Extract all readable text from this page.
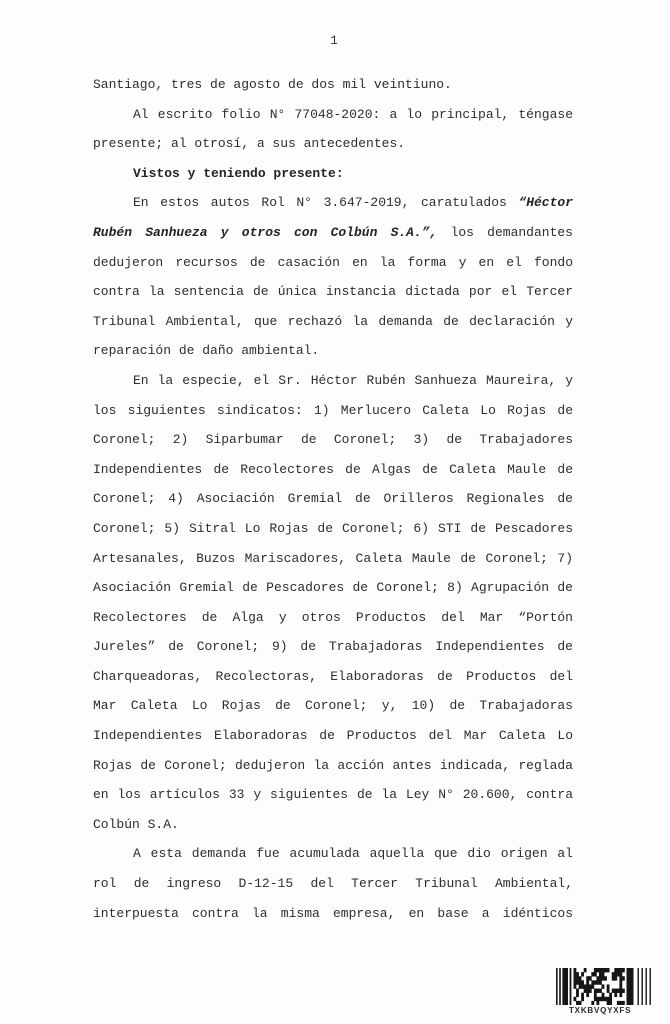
1
Santiago, tres de agosto de dos mil veintiuno.
Al escrito folio N° 77048-2020: a lo principal, téngase
presente; al otrosí, a sus antecedentes.
Vistos y teniendo presente:
En estos autos Rol N° 3.647-2019, caratulados “Héctor
Rubén Sanhueza y otros con Colbún S.A.”, los demandantes
dedujeron recursos de casación en la forma y en el fondo
contra la sentencia de única instancia dictada por el Tercer
Tribunal Ambiental, que rechazó la demanda de declaración y
reparación de daño ambiental.
En la especie, el Sr. Héctor Rubén Sanhueza Maureira, y
los siguientes sindicatos: 1) Merlucero Caleta Lo Rojas de
Coronel; 2) Siparbumar de Coronel; 3) de Trabajadores
Independientes de Recolectores de Algas de Caleta Maule de
Coronel; 4) Asociación Gremial de Orilleros Regionales de
Coronel; 5) Sitral Lo Rojas de Coronel; 6) STI de Pescadores
Artesanales, Buzos Mariscadores, Caleta Maule de Coronel; 7)
Asociación Gremial de Pescadores de Coronel; 8) Agrupación de
Recolectores de Alga y otros Productos del Mar “Portón
Jureles” de Coronel; 9) de Trabajadoras Independientes de
Charqueadoras, Recolectoras, Elaboradoras de Productos del
Mar Caleta Lo Rojas de Coronel; y, 10) de Trabajadoras
Independientes Elaboradoras de Productos del Mar Caleta Lo
Rojas de Coronel; dedujeron la acción antes indicada, reglada
en los artículos 33 y siguientes de la Ley N° 20.600, contra
Colbún S.A.
A esta demanda fue acumulada aquella que dio origen al
rol de ingreso D-12-15 del Tercer Tribunal Ambiental,
interpuesta contra la misma empresa, en base a idénticos
TXKBVQYXFS
